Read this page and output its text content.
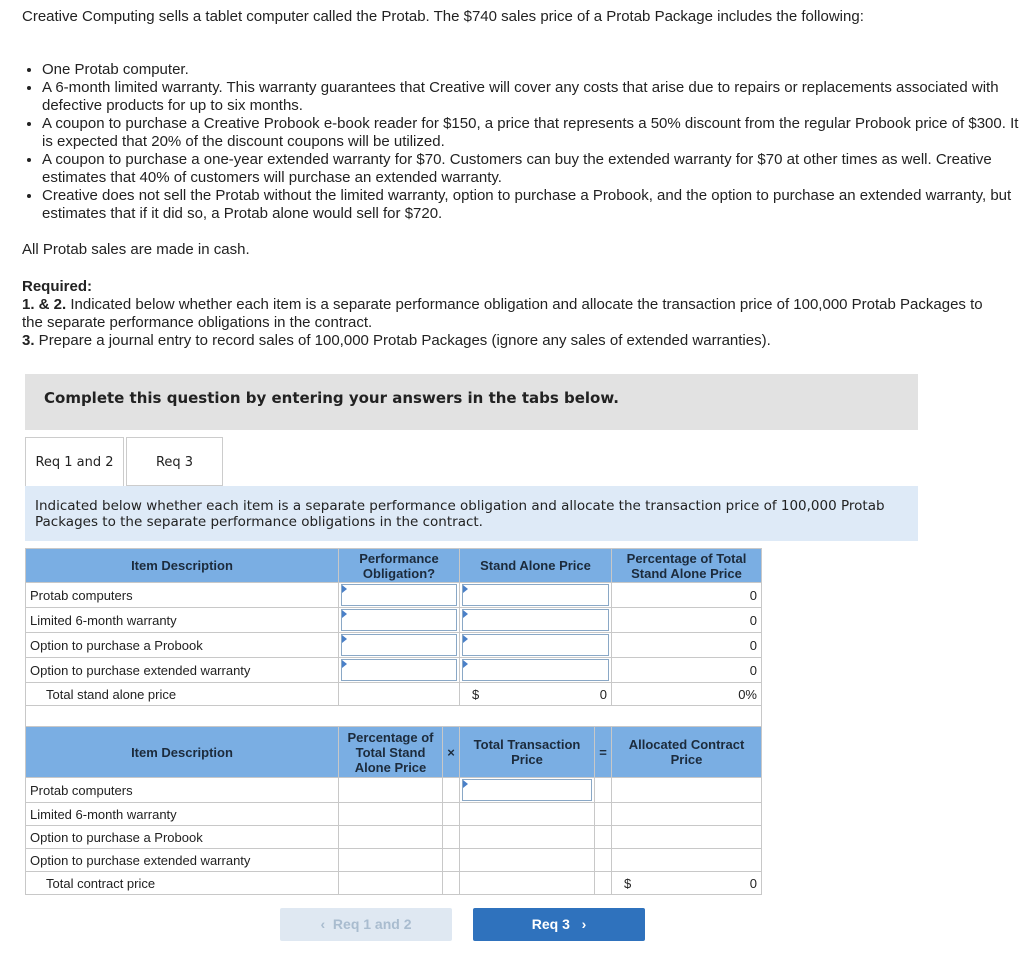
Creative Computing sells a tablet computer called the Protab. The $740 sales price of a Protab Package includes the following:
• One Protab computer.
• A 6-month limited warranty. This warranty guarantees that Creative will cover any costs that arise due to repairs or replacements associated with defective products for up to six months.
• A coupon to purchase a Creative Probook e-book reader for $150, a price that represents a 50% discount from the regular Probook price of $300. It is expected that 20% of the discount coupons will be utilized.
• A coupon to purchase a one-year extended warranty for $70. Customers can buy the extended warranty for $70 at other times as well. Creative estimates that 40% of customers will purchase an extended warranty.
• Creative does not sell the Protab without the limited warranty, option to purchase a Probook, and the option to purchase an extended warranty, but estimates that if it did so, a Protab alone would sell for $720.
All Protab sales are made in cash.
Required:
1. & 2. Indicated below whether each item is a separate performance obligation and allocate the transaction price of 100,000 Protab Packages to the separate performance obligations in the contract.
3. Prepare a journal entry to record sales of 100,000 Protab Packages (ignore any sales of extended warranties).
Complete this question by entering your answers in the tabs below.
Req 1 and 2	Req 3
Indicated below whether each item is a separate performance obligation and allocate the transaction price of 100,000 Protab Packages to the separate performance obligations in the contract.
Item Description	Performance Obligation?	Stand Alone Price	Percentage of Total Stand Alone Price
Protab computers			0
Limited 6-month warranty			0
Option to purchase a Probook			0
Option to purchase extended warranty			0
Total stand alone price		$ 0	0%

Item Description	Percentage of Total Stand Alone Price	×	Total Transaction Price	=	Allocated Contract Price
Protab computers			

Limited 6-month warranty					
Option to purchase a Probook					
Option to purchase extended warranty					
Total contract price					$ 0
‹ Req 1 and 2	Req 3 ›
